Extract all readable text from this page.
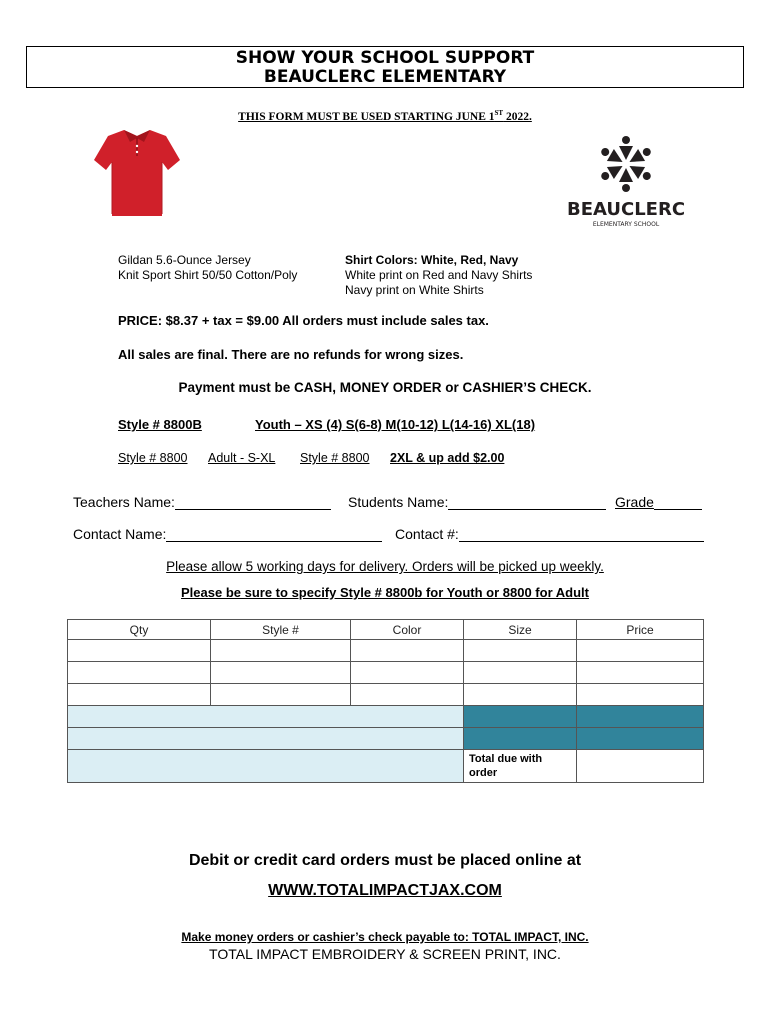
SHOW YOUR SCHOOL SUPPORT
BEAUCLERC ELEMENTARY
THIS FORM MUST BE USED STARTING JUNE 1ST 2022.
BEAUCLERC
ELEMENTARY SCHOOL
Gildan 5.6-Ounce Jersey
Knit Sport Shirt 50/50 Cotton/Poly
Shirt Colors: White, Red, Navy
White print on Red and Navy Shirts
Navy print on White Shirts
PRICE: $8.37 + tax = $9.00 All orders must include sales tax.
All sales are final. There are no refunds for wrong sizes.
Payment must be CASH, MONEY ORDER or CASHIER’S CHECK.
Style # 8800B	Youth – XS (4) S(6-8) M(10-12) L(14-16) XL(18)
Style # 8800 Adult - S-XL Style # 8800 2XL & up add $2.00
Teachers Name:	Students Name:	Grade
Contact Name:	Contact #:
Please allow 5 working days for delivery. Orders will be picked up weekly.
Please be sure to specify Style # 8800b for Youth or 8800 for Adult
Qty	Style #	Color	Size	Price

			Total due with order	
Debit or credit card orders must be placed online at
WWW.TOTALIMPACTJAX.COM
Make money orders or cashier’s check payable to: TOTAL IMPACT, INC.
TOTAL IMPACT EMBROIDERY & SCREEN PRINT, INC.
